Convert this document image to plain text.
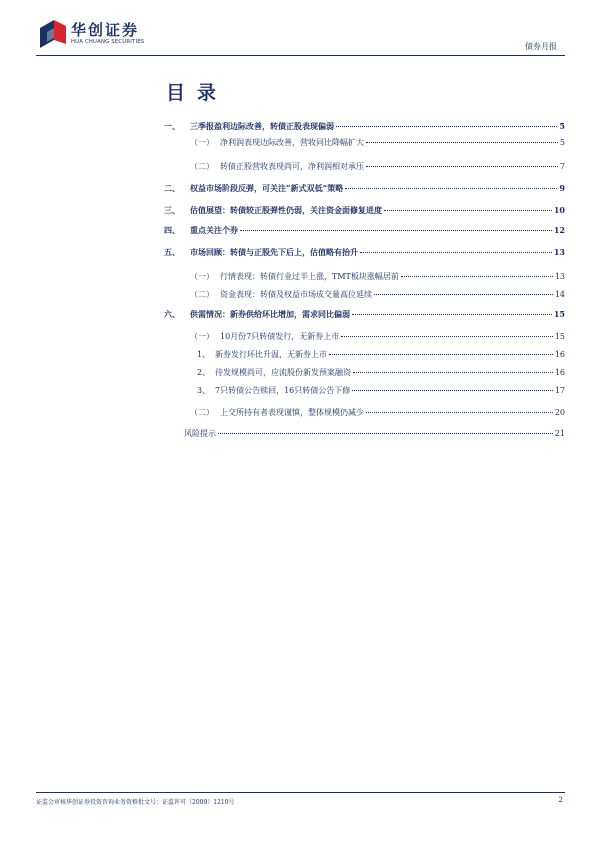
华创证券
HUA CHUANG SECURITIES	债券月报
目录
一、	三季报盈利边际改善，转债正股表现偏弱	5
（一） 净利润表现边际改善，营收同比降幅扩大	5
（二） 转债正股营收表现尚可，净利润相对承压	7
二、	权益市场阶段反弹，可关注“新式双低”策略	9
三、	估值展望：转债较正股弹性仍弱，关注资金面修复进度	10
四、	重点关注个券	12
五、	市场回顾：转债与正股先下后上，估值略有抬升	13
（一） 行情表现：转债行业过半上涨，TMT板块涨幅居前	13
（二） 资金表现：转债及权益市场成交量高位延续	14
六、	供需情况：新券供给环比增加，需求同比偏弱	15
（一） 10月份7只转债发行，无新券上市	15
1、 新券发行环比升温，无新券上市	16
2、 待发规模尚可，应流股份新发预案融资	16
3、 7只转债公告赎回，16只转债公告下修	17
（二） 上交所持有者表现谨慎，整体规模仍减少	20
风险提示	21
证监会审核华创证券投资咨询业务资格批文号：证监许可（2009）1210号	2
